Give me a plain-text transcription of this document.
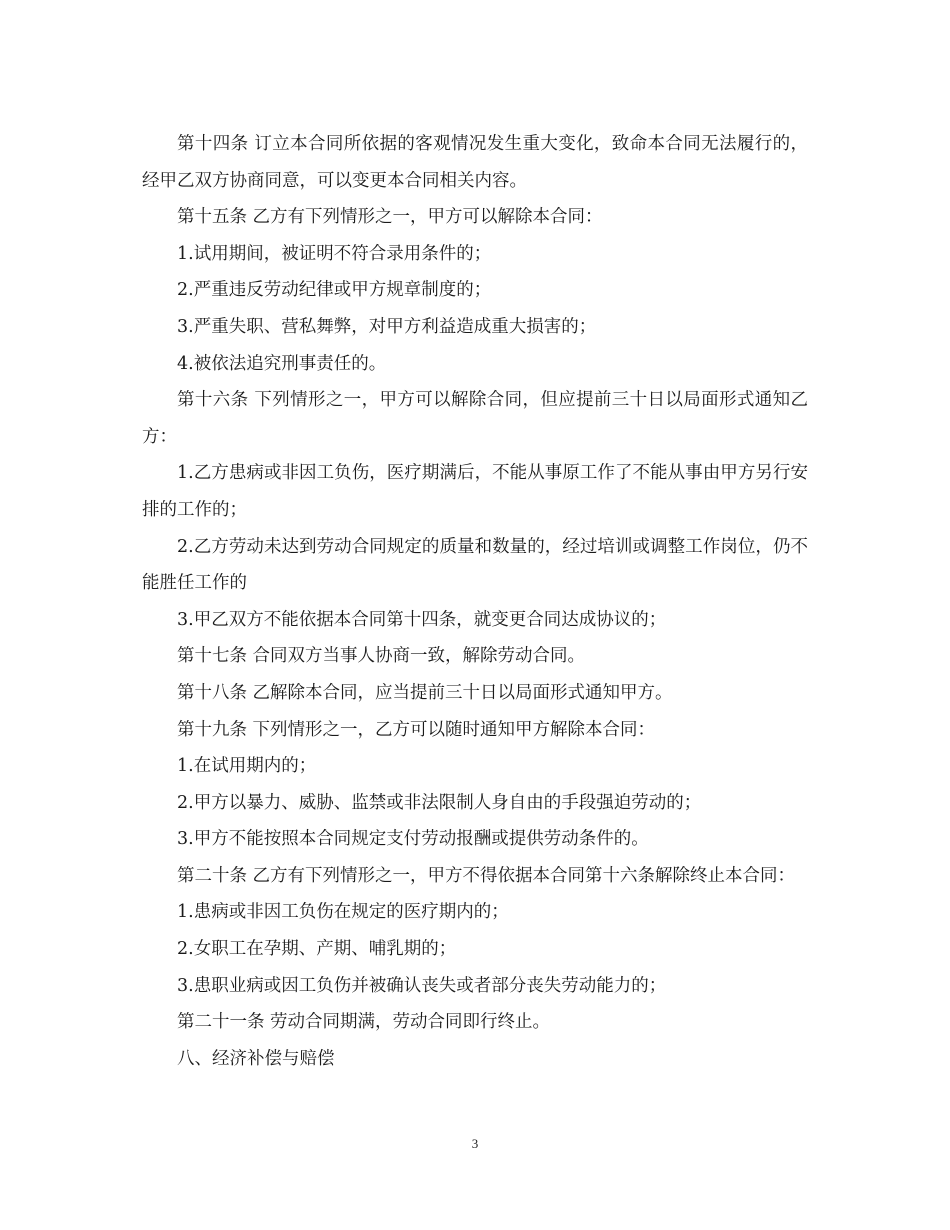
第十四条 订立本合同所依据的客观情况发生重大变化，致命本合同无法履行的，经甲乙双方协商同意，可以变更本合同相关内容。

第十五条 乙方有下列情形之一，甲方可以解除本合同：

1.试用期间，被证明不符合录用条件的；

2.严重违反劳动纪律或甲方规章制度的；

3.严重失职、营私舞弊，对甲方利益造成重大损害的；

4.被依法追究刑事责任的。

第十六条 下列情形之一，甲方可以解除合同，但应提前三十日以局面形式通知乙方：

1.乙方患病或非因工负伤，医疗期满后，不能从事原工作了不能从事由甲方另行安排的工作的；

2.乙方劳动未达到劳动合同规定的质量和数量的，经过培训或调整工作岗位，仍不能胜任工作的

3.甲乙双方不能依据本合同第十四条，就变更合同达成协议的；

第十七条 合同双方当事人协商一致，解除劳动合同。

第十八条 乙解除本合同，应当提前三十日以局面形式通知甲方。

第十九条 下列情形之一，乙方可以随时通知甲方解除本合同：

1.在试用期内的；

2.甲方以暴力、威胁、监禁或非法限制人身自由的手段强迫劳动的；

3.甲方不能按照本合同规定支付劳动报酬或提供劳动条件的。

第二十条 乙方有下列情形之一，甲方不得依据本合同第十六条解除终止本合同：

1.患病或非因工负伤在规定的医疗期内的；

2.女职工在孕期、产期、哺乳期的；

3.患职业病或因工负伤并被确认丧失或者部分丧失劳动能力的；

第二十一条 劳动合同期满，劳动合同即行终止。

八、经济补偿与赔偿

3
